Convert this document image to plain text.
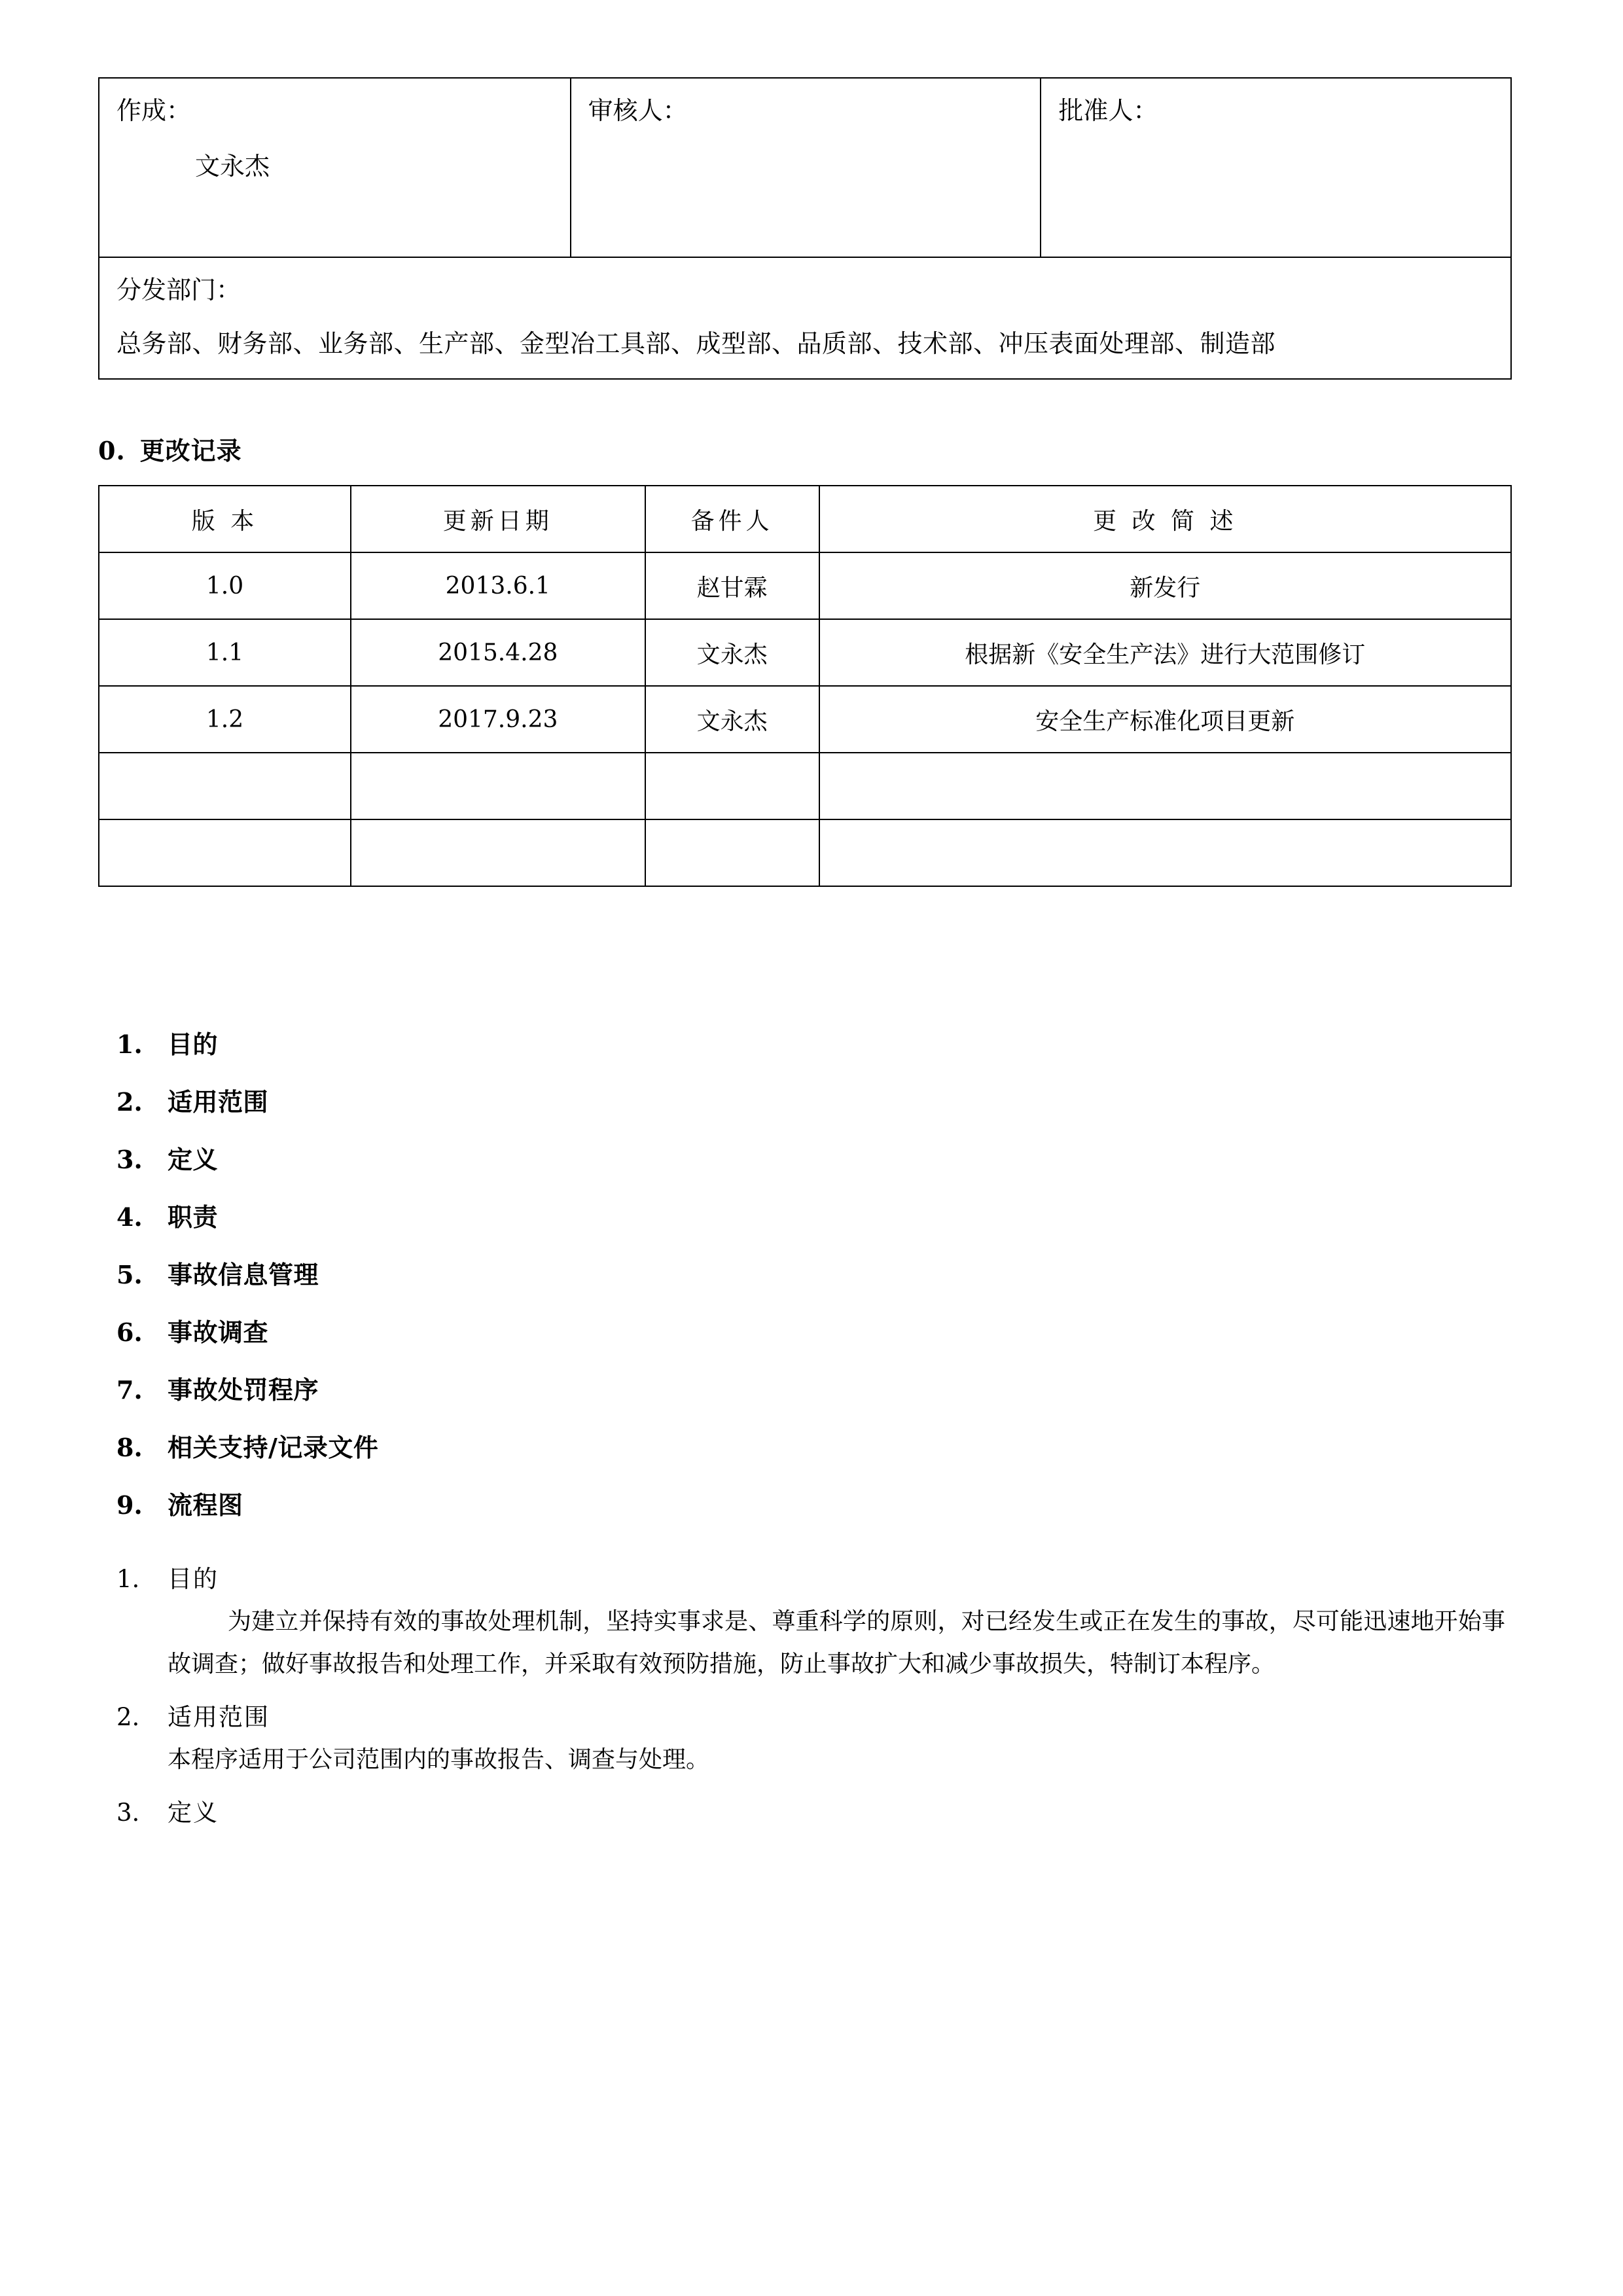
作成：
文永杰

审核人：	批准人：

分发部门：
总务部、财务部、业务部、生产部、金型冶工具部、成型部、品质部、技术部、冲压表面处理部、制造部
0. 更改记录
版 本	更新日期	备件人	更 改 简 述
1.0	2013.6.1	赵甘霖	新发行
1.1	2015.4.28	文永杰	根据新《安全生产法》进行大范围修订
1.2	2017.9.23	文永杰	安全生产标准化项目更新

1.	目的
2.	适用范围
3.	定义
4.	职责
5.	事故信息管理
6.	事故调查
7.	事故处罚程序
8.	相关支持/记录文件
9.	流程图
1.	目的
为建立并保持有效的事故处理机制，坚持实事求是、尊重科学的原则，对已经发生或正在发生的事故，尽可能迅速地开始事故调查；做好事故报告和处理工作，并采取有效预防措施，防止事故扩大和减少事故损失，特制订本程序。
2.	适用范围
本程序适用于公司范围内的事故报告、调查与处理。
3.	定义
